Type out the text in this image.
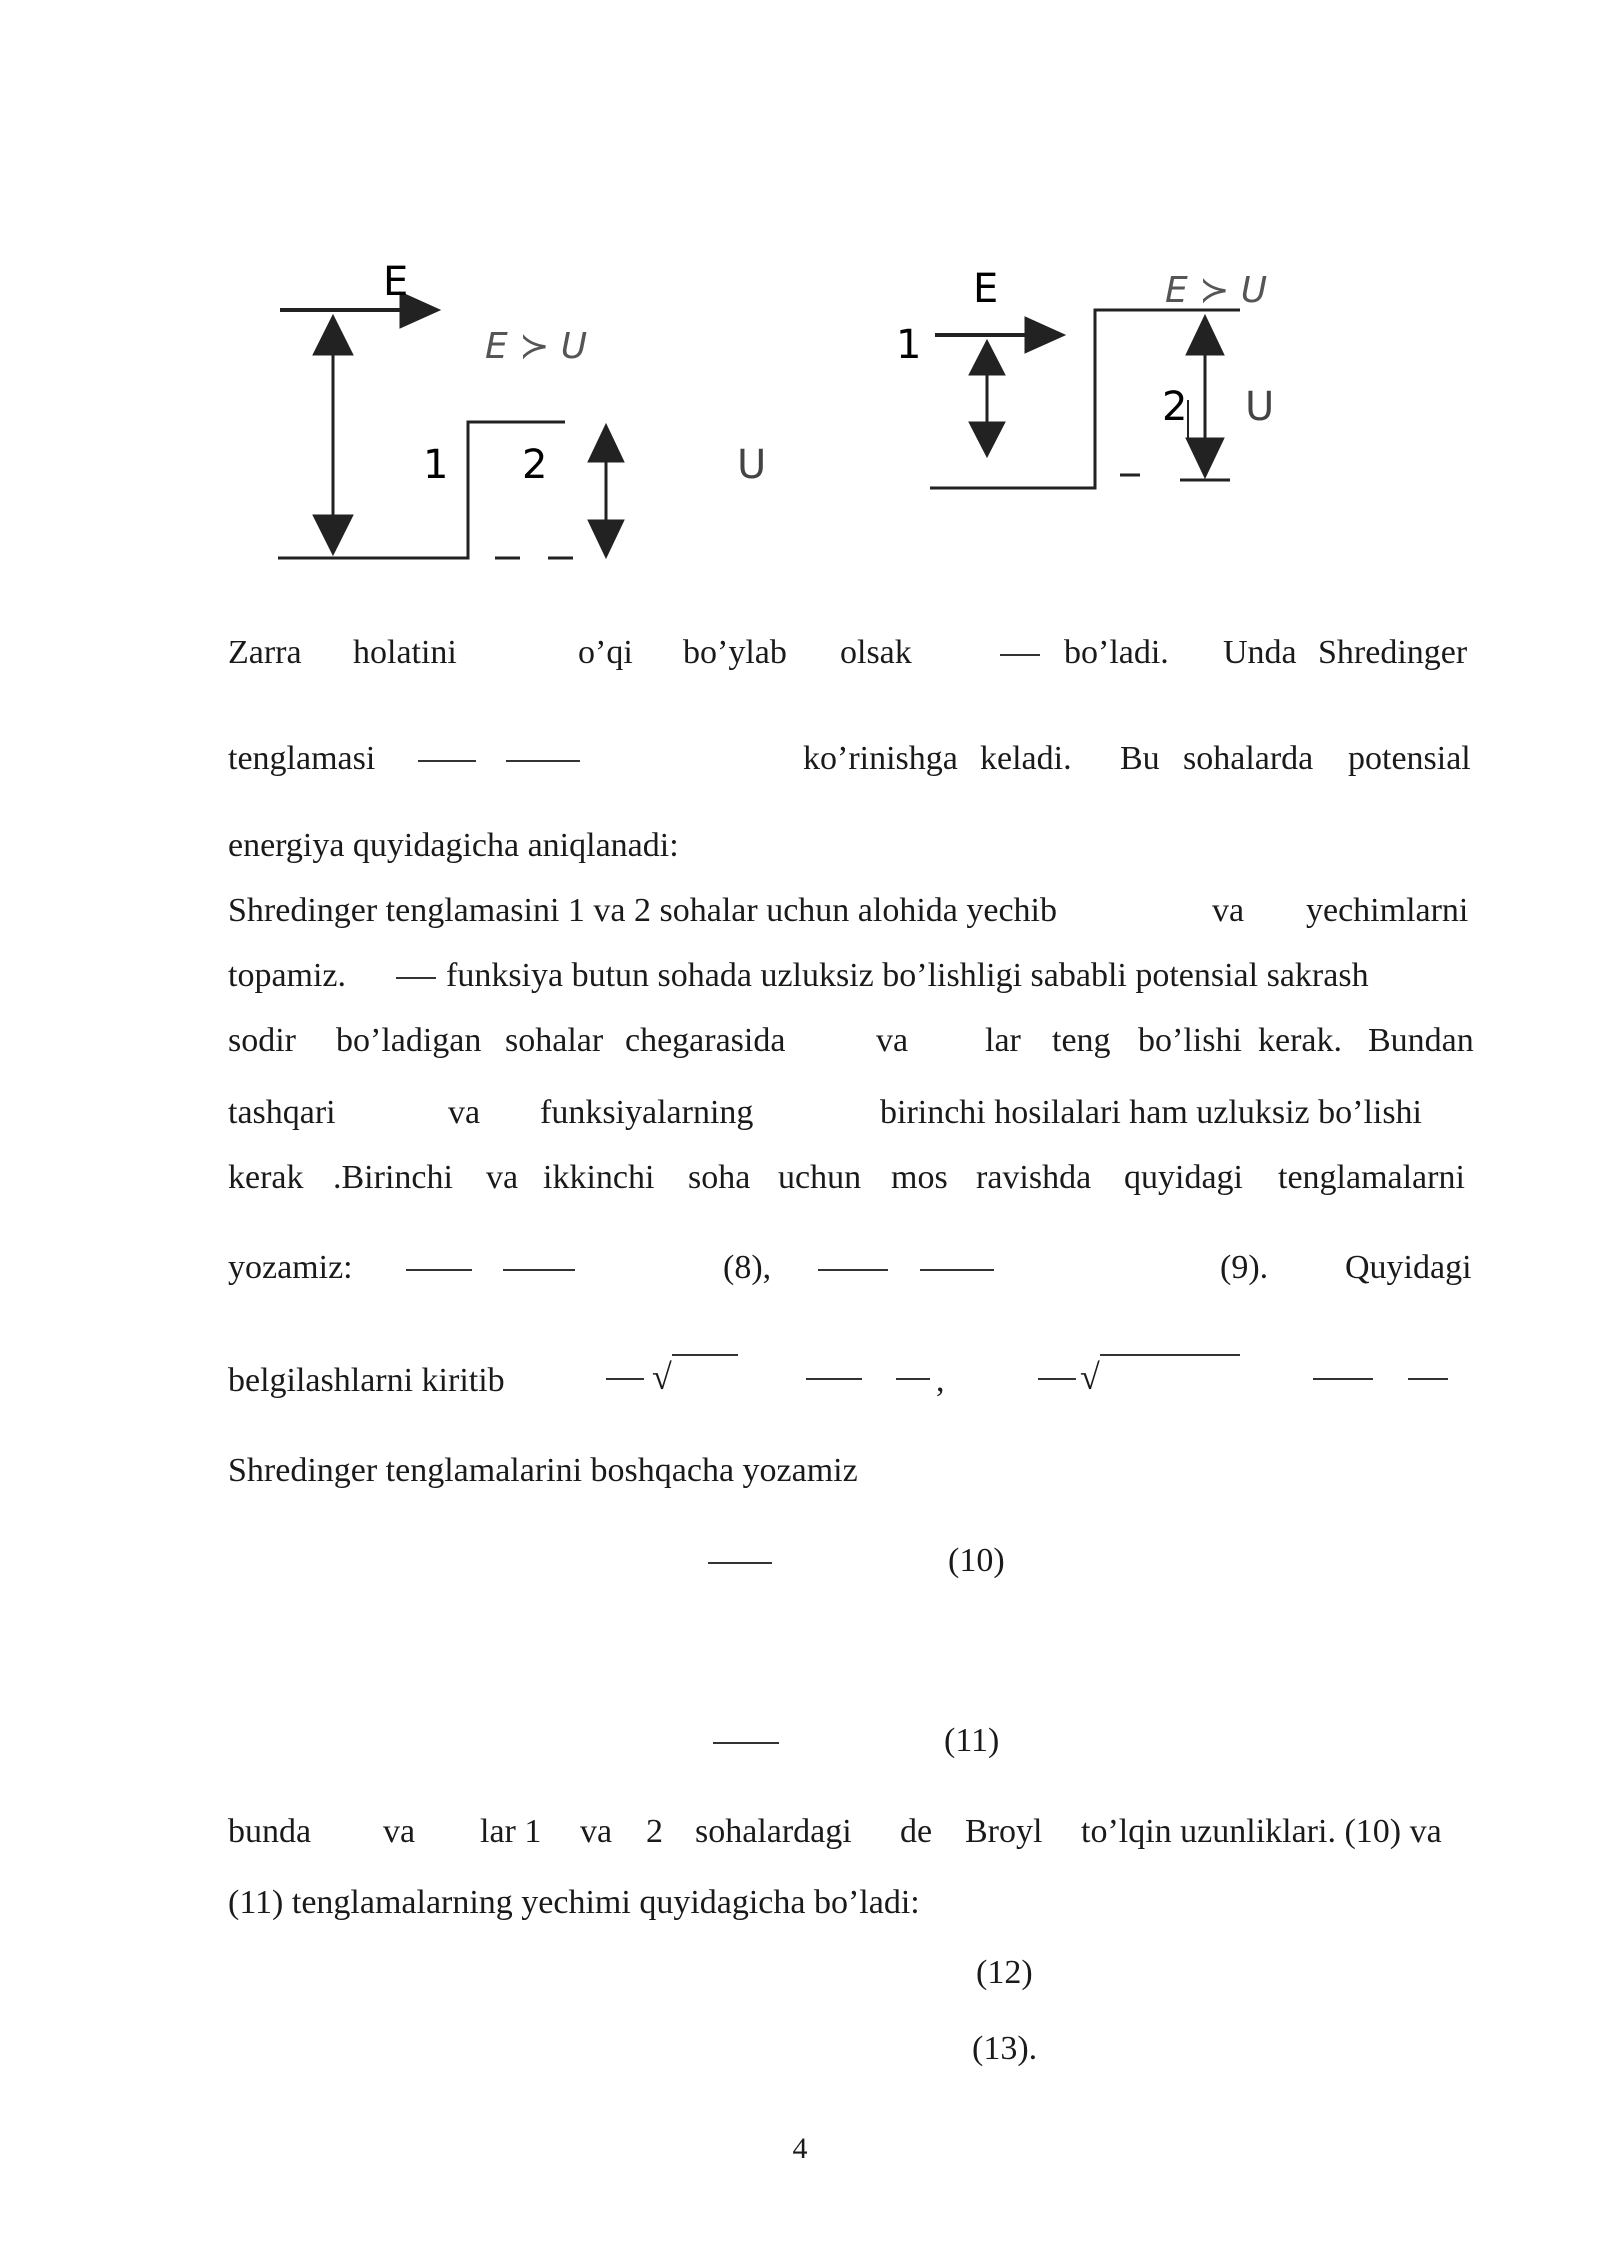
E
E ≻ U
1 2	U
E	E ≻ U
1
2 U
Zarra holatini	o’qi bo’ylab olsak	bo’ladi. Unda Shredinger
tenglamasi	ko’rinishga keladi. Bu sohalarda potensial
energiya quyidagicha aniqlanadi:
Shredinger tenglamasini 1 va 2 sohalar uchun alohida yechib	va yechimlarni
topamiz.	funksiya butun sohada uzluksiz bo’lishligi sababli potensial sakrash
sodir bo’ladigan sohalar chegarasida	va lar teng bo’lishi kerak. Bundan
tashqari	va funksiyalarning	birinchi hosilalari ham uzluksiz bo’lishi
kerak .Birinchi va ikkinchi soha uchun mos ravishda quyidagi tenglamalarni
yozamiz:	(8),	(9). Quyidagi
belgilashlarni kiritib	√	,	√
Shredinger tenglamalarini boshqacha yozamiz
(10)
(11)
bunda va lar 1 va 2 sohalardagi de Broyl to’lqin uzunliklari. (10) va
(11) tenglamalarning yechimi quyidagicha bo’ladi:
(12)
(13).
4
